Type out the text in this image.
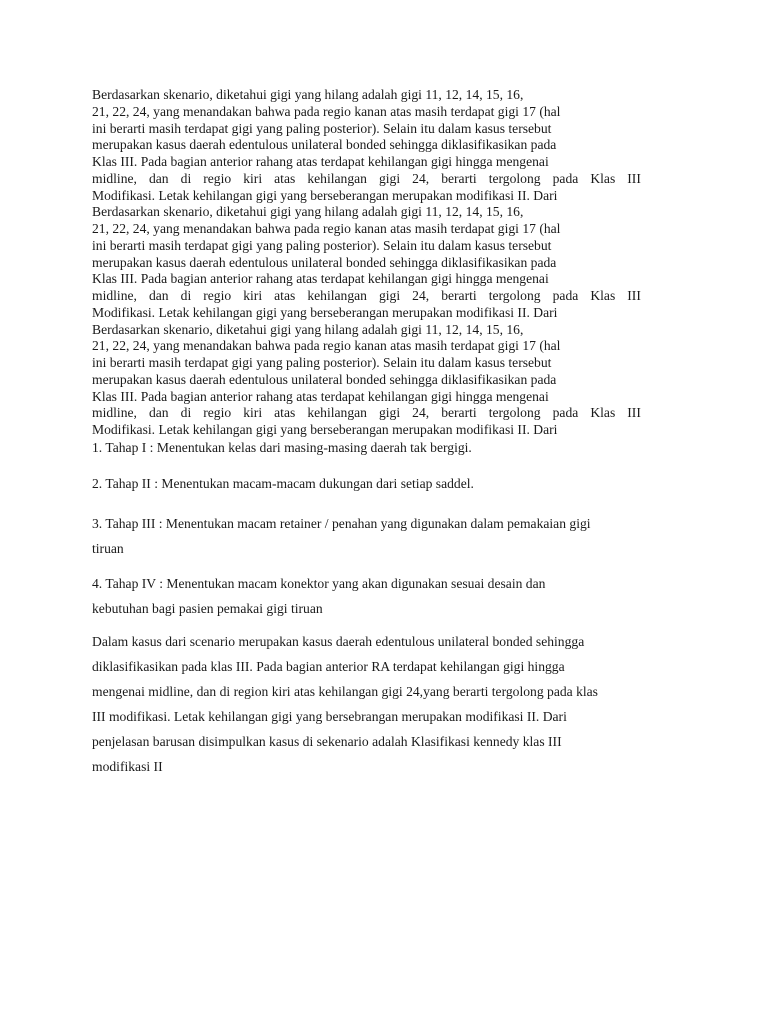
Berdasarkan skenario, diketahui gigi yang hilang adalah gigi 11, 12, 14, 15, 16,
21, 22, 24, yang menandakan bahwa pada regio kanan atas masih terdapat gigi 17 (hal
ini berarti masih terdapat gigi yang paling posterior). Selain itu dalam kasus tersebut
merupakan kasus daerah edentulous unilateral bonded sehingga diklasifikasikan pada
Klas III. Pada bagian anterior rahang atas terdapat kehilangan gigi hingga mengenai
midline, dan di regio kiri atas kehilangan gigi 24, berarti tergolong pada Klas III
Modifikasi. Letak kehilangan gigi yang berseberangan merupakan modifikasi II. Dari
Berdasarkan skenario, diketahui gigi yang hilang adalah gigi 11, 12, 14, 15, 16,
21, 22, 24, yang menandakan bahwa pada regio kanan atas masih terdapat gigi 17 (hal
ini berarti masih terdapat gigi yang paling posterior). Selain itu dalam kasus tersebut
merupakan kasus daerah edentulous unilateral bonded sehingga diklasifikasikan pada
Klas III. Pada bagian anterior rahang atas terdapat kehilangan gigi hingga mengenai
midline, dan di regio kiri atas kehilangan gigi 24, berarti tergolong pada Klas III
Modifikasi. Letak kehilangan gigi yang berseberangan merupakan modifikasi II. Dari
Berdasarkan skenario, diketahui gigi yang hilang adalah gigi 11, 12, 14, 15, 16,
21, 22, 24, yang menandakan bahwa pada regio kanan atas masih terdapat gigi 17 (hal
ini berarti masih terdapat gigi yang paling posterior). Selain itu dalam kasus tersebut
merupakan kasus daerah edentulous unilateral bonded sehingga diklasifikasikan pada
Klas III. Pada bagian anterior rahang atas terdapat kehilangan gigi hingga mengenai
midline, dan di regio kiri atas kehilangan gigi 24, berarti tergolong pada Klas III
Modifikasi. Letak kehilangan gigi yang berseberangan merupakan modifikasi II. Dari
1. Tahap I : Menentukan kelas dari masing-masing daerah tak bergigi.
2. Tahap II : Menentukan macam-macam dukungan dari setiap saddel.
3. Tahap III : Menentukan macam retainer / penahan yang digunakan dalam pemakaian gigi
tiruan
4. Tahap IV : Menentukan macam konektor yang akan digunakan sesuai desain dan
kebutuhan bagi pasien pemakai gigi tiruan
Dalam kasus dari scenario merupakan kasus daerah edentulous unilateral bonded sehingga
diklasifikasikan pada klas III. Pada bagian anterior RA terdapat kehilangan gigi hingga
mengenai midline, dan di region kiri atas kehilangan gigi 24,yang berarti tergolong pada klas
III modifikasi. Letak kehilangan gigi yang bersebrangan merupakan modifikasi II. Dari
penjelasan barusan disimpulkan kasus di sekenario adalah Klasifikasi kennedy klas III
modifikasi II
